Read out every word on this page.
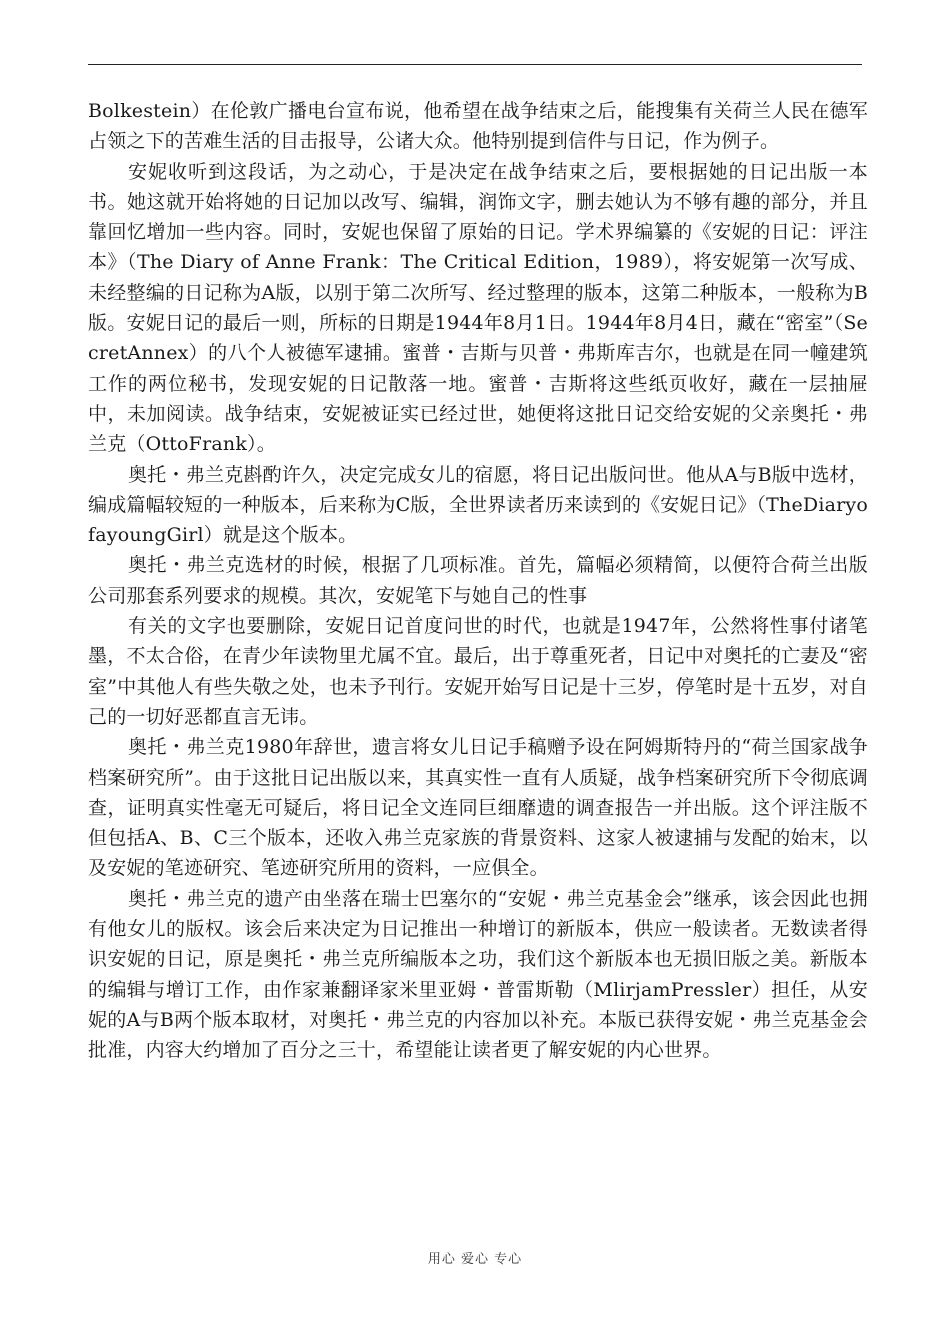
Bolkestein）在伦敦广播电台宣布说，他希望在战争结束之后，能搜集有关荷兰人民在德军占领之下的苦难生活的目击报导，公诸大众。他特别提到信件与日记，作为例子。

安妮收听到这段话，为之动心，于是决定在战争结束之后，要根据她的日记出版一本书。她这就开始将她的日记加以改写、编辑，润饰文字，删去她认为不够有趣的部分，并且靠回忆增加一些内容。同时，安妮也保留了原始的日记。学术界编纂的《安妮的日记：评注本》（The Diary of Anne Frank：The Critical Edition，1989），将安妮第一次写成、未经整编的日记称为A版，以别于第二次所写、经过整理的版本，这第二种版本，一般称为B版。安妮日记的最后一则，所标的日期是1944年8月1日。1944年8月4日，藏在“密室”（SecretAnnex）的八个人被德军逮捕。蜜普・吉斯与贝普・弗斯库吉尔，也就是在同一幢建筑工作的两位秘书，发现安妮的日记散落一地。蜜普・吉斯将这些纸页收好，藏在一层抽屉中，未加阅读。战争结束，安妮被证实已经过世，她便将这批日记交给安妮的父亲奥托・弗兰克（OttoFrank）。

奥托・弗兰克斟酌许久，决定完成女儿的宿愿，将日记出版问世。他从A与B版中选材，编成篇幅较短的一种版本，后来称为C版，全世界读者历来读到的《安妮日记》（TheDiaryofayoungGirl）就是这个版本。

奥托・弗兰克选材的时候，根据了几项标准。首先，篇幅必须精简，以便符合荷兰出版公司那套系列要求的规模。其次，安妮笔下与她自己的性事

有关的文字也要删除，安妮日记首度问世的时代，也就是1947年，公然将性事付诸笔墨，不太合俗，在青少年读物里尤属不宜。最后，出于尊重死者，日记中对奥托的亡妻及“密室”中其他人有些失敬之处，也未予刊行。安妮开始写日记是十三岁，停笔时是十五岁，对自己的一切好恶都直言无讳。

奥托・弗兰克1980年辞世，遗言将女儿日记手稿赠予设在阿姆斯特丹的“荷兰国家战争档案研究所”。由于这批日记出版以来，其真实性一直有人质疑，战争档案研究所下令彻底调查，证明真实性毫无可疑后，将日记全文连同巨细靡遗的调查报告一并出版。这个评注版不但包括A、B、C三个版本，还收入弗兰克家族的背景资料、这家人被逮捕与发配的始末，以及安妮的笔迹研究、笔迹研究所用的资料，一应俱全。

奥托・弗兰克的遗产由坐落在瑞士巴塞尔的“安妮・弗兰克基金会”继承，该会因此也拥有他女儿的版权。该会后来决定为日记推出一种增订的新版本，供应一般读者。无数读者得识安妮的日记，原是奥托・弗兰克所编版本之功，我们这个新版本也无损旧版之美。新版本的编辑与增订工作，由作家兼翻译家米里亚姆・普雷斯勒（MlirjamPressler）担任，从安妮的A与B两个版本取材，对奥托・弗兰克的内容加以补充。本版已获得安妮・弗兰克基金会批准，内容大约增加了百分之三十，希望能让读者更了解安妮的内心世界。

用心 爱心 专心
